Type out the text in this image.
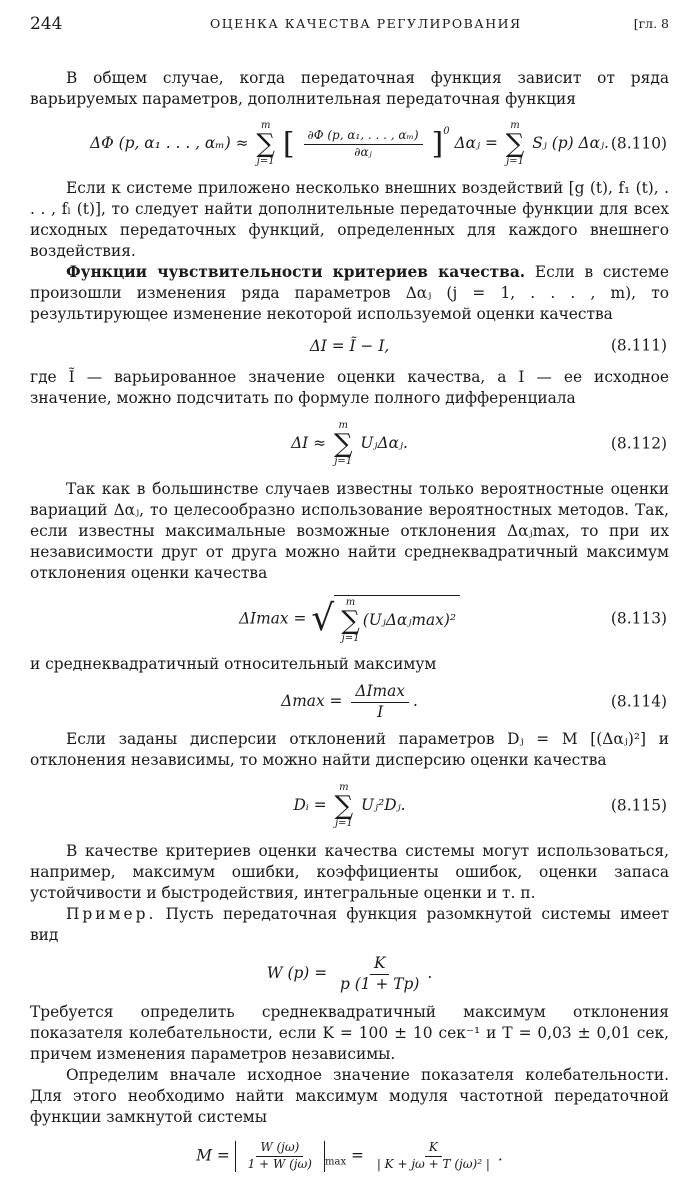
244	ОЦЕНКА КАЧЕСТВА РЕГУЛИРОВАНИЯ	[гл. 8

В общем случае, когда передаточная функция зависит от ряда варьируемых параметров, дополнительная передаточная функция

ΔΦ (p, α₁ . . . , αₘ) ≈
m
∑
j=1 [ $\frac{\text{∂Φ (p, α₁, . . . , αₘ)}}{\text{∂αⱼ}} ]^0$ Δαⱼ =
m
∑
j=1
Sⱼ (p) Δαⱼ. (8.110)

Если к системе приложено несколько внешних воздействий [g (t), f₁ (t), . . . , fₗ (t)], то следует найти дополнительные передаточные функции для всех исходных передаточных функций, определенных для каждого внешнего воздействия.

Функции чувствительности критериев качества. Если в системе произошли изменения ряда параметров Δαⱼ (j = 1, . . . , m), то результирующее изменение некоторой используемой оценки качества

ΔI = Ĩ − I,	(8.111)

где Ĩ — варьированное значение оценки качества, а I — ее исходное значение, можно подсчитать по формуле полного дифференциала

ΔI ≈
m
∑
j=1
UⱼΔαⱼ.	(8.112)

Так как в большинстве случаев известны только вероятностные оценки вариаций Δαⱼ, то целесообразно использование вероятностных методов. Так, если известны максимальные возможные отклонения Δαⱼmax, то при их независимости друг от друга можно найти среднеквадратичный максимум отклонения оценки качества

ΔImax = √ m
∑
j=1
(UⱼΔαⱼmax)²	(8.113)

и среднеквадратичный относительный максимум

$\Delta\max = \frac{\Delta Imax}{I}$ .	(8.114)

Если заданы дисперсии отклонений параметров Dⱼ = M [(Δαⱼ)²] и отклонения независимы, то можно найти дисперсию оценки качества

Dᵢ =
m
∑
j=1
Uⱼ²Dⱼ.	(8.115)

В качестве критериев оценки качества системы могут использоваться, например, максимум ошибки, коэффициенты ошибок, оценки запаса устойчивости и быстродействия, интегральные оценки и т. п.

Пример. Пусть передаточная функция разомкнутой системы имеет вид

W $(p) = \frac{K}{p (1 + Tp)}$ .

Требуется определить среднеквадратичный максимум отклонения показателя колебательности, если K = 100 ± 10 сек⁻¹ и T = 0,03 ± 0,01 сек, причем изменения параметров независимы.

Определим вначале исходное значение показателя колебательности. Для этого необходимо найти максимум модуля частотной передаточной функции замкнутой системы

$M = \frac{W (j\omega)}{1 + W (j\omega)} _{max} = \frac{K}{\text{| K + jω + T (jω)² |}}$ .
